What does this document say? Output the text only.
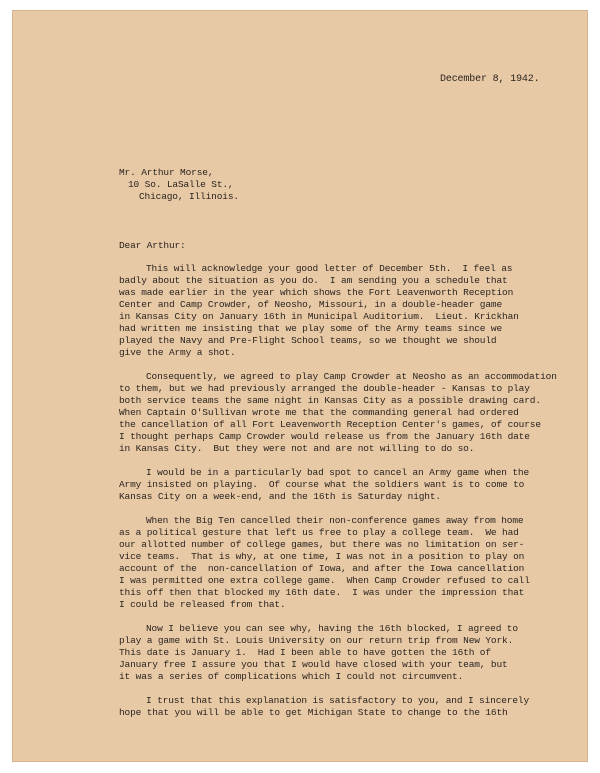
December 8, 1942.

Mr. Arthur Morse,

10 So. LaSalle St.,

Chicago, Illinois.

Dear Arthur:

This will acknowledge your good letter of December 5th.  I feel as

badly about the situation as you do.  I am sending you a schedule that

was made earlier in the year which shows the Fort Leavenworth Reception

Center and Camp Crowder, of Neosho, Missouri, in a double-header game

in Kansas City on January 16th in Municipal Auditorium.  Lieut. Krickhan

had written me insisting that we play some of the Army teams since we

played the Navy and Pre-Flight School teams, so we thought we should

give the Army a shot.

Consequently, we agreed to play Camp Crowder at Neosho as an accommodation

to them, but we had previously arranged the double-header - Kansas to play

both service teams the same night in Kansas City as a possible drawing card.

When Captain O'Sullivan wrote me that the commanding general had ordered

the cancellation of all Fort Leavenworth Reception Center's games, of course

I thought perhaps Camp Crowder would release us from the January 16th date

in Kansas City.  But they were not and are not willing to do so.

I would be in a particularly bad spot to cancel an Army game when the

Army insisted on playing.  Of course what the soldiers want is to come to

Kansas City on a week-end, and the 16th is Saturday night.

When the Big Ten cancelled their non-conference games away from home

as a political gesture that left us free to play a college team.  We had

our allotted number of college games, but there was no limitation on ser-

vice teams.  That is why, at one time, I was not in a position to play on

account of the  non-cancellation of Iowa, and after the Iowa cancellation

I was permitted one extra college game.  When Camp Crowder refused to call

this off then that blocked my 16th date.  I was under the impression that

I could be released from that.

Now I believe you can see why, having the 16th blocked, I agreed to

play a game with St. Louis University on our return trip from New York.

This date is January 1.  Had I been able to have gotten the 16th of

January free I assure you that I would have closed with your team, but

it was a series of complications which I could not circumvent.

I trust that this explanation is satisfactory to you, and I sincerely

hope that you will be able to get Michigan State to change to the 16th
